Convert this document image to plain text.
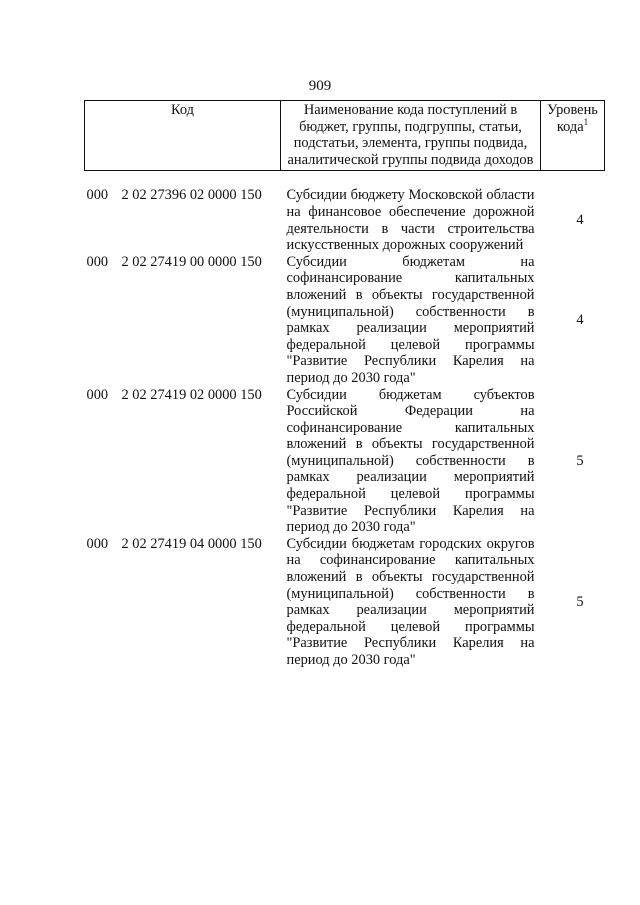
909
Код	Наименование кода поступлений в бюджет, группы, подгруппы, статьи, подстатьи, элемента, группы подвида, аналитической группы подвида доходов	Уровень кода$^1$

000 2 02 27396 02 0000 150	Субсидии бюджету Московской области на финансовое обеспечение дорожной деятельности в части строительства искусственных дорожных сооружений	4
000 2 02 27419 00 0000 150	Субсидии бюджетам на софинансирование капитальных вложений в объекты государственной (муниципальной) собственности в рамках реализации мероприятий федеральной целевой программы "Развитие Республики Карелия на период до 2030 года"	4
000 2 02 27419 02 0000 150	Субсидии бюджетам субъектов Российской Федерации на софинансирование капитальных вложений в объекты государственной (муниципальной) собственности в рамках реализации мероприятий федеральной целевой программы "Развитие Республики Карелия на период до 2030 года"	5
000 2 02 27419 04 0000 150	Субсидии бюджетам городских округов на софинансирование капитальных вложений в объекты государственной (муниципальной) собственности в рамках реализации мероприятий федеральной целевой программы "Развитие Республики Карелия на период до 2030 года"	5
